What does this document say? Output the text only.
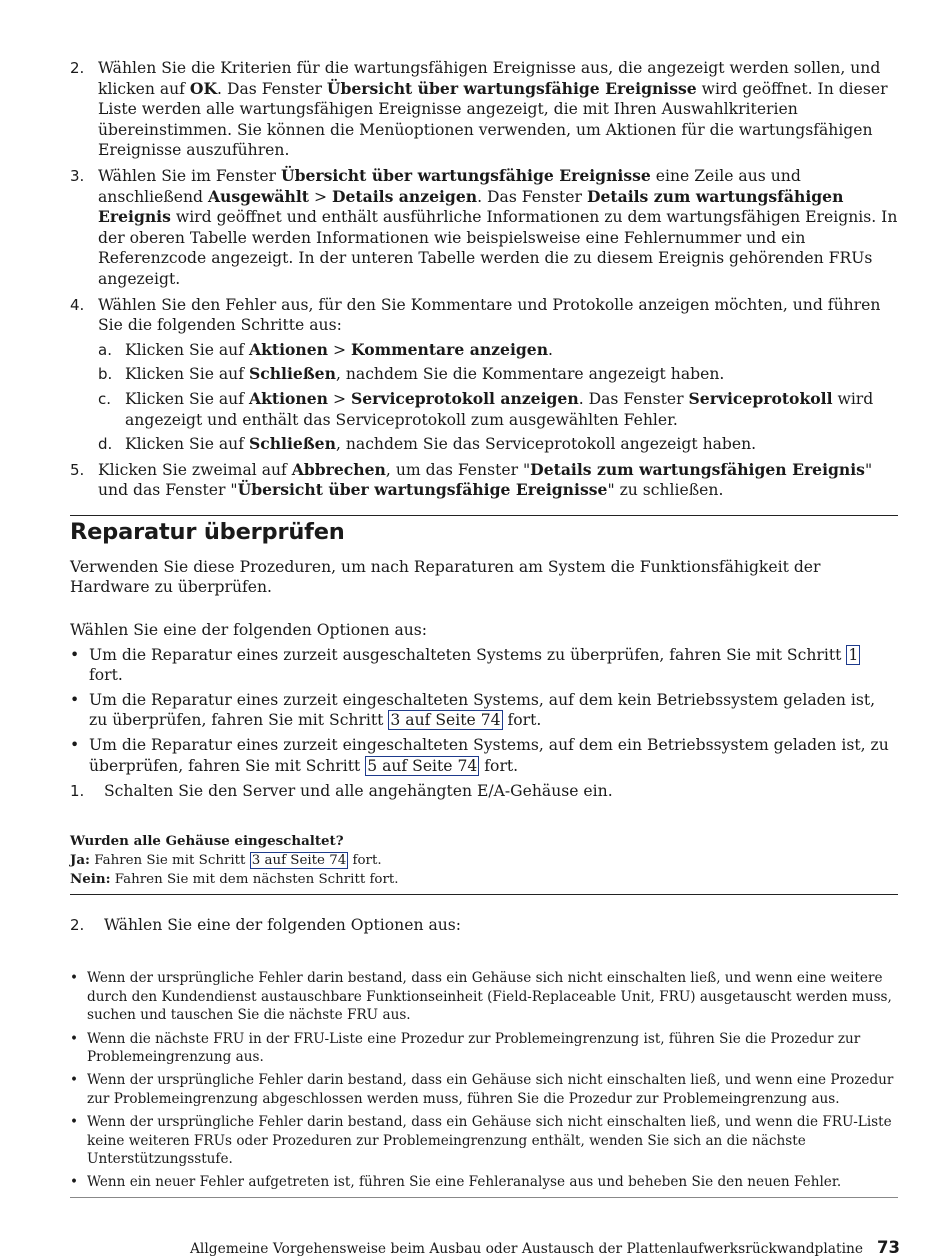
2. Wählen Sie die Kriterien für die wartungsfähigen Ereignisse aus, die angezeigt werden sollen, und klicken auf OK. Das Fenster Übersicht über wartungsfähige Ereignisse wird geöffnet. In dieser Liste werden alle wartungsfähigen Ereignisse angezeigt, die mit Ihren Auswahlkriterien übereinstimmen. Sie können die Menüoptionen verwenden, um Aktionen für die wartungsfähigen Ereignisse auszuführen.
3. Wählen Sie im Fenster Übersicht über wartungsfähige Ereignisse eine Zeile aus und anschließend Ausgewählt > Details anzeigen. Das Fenster Details zum wartungsfähigen Ereignis wird geöffnet und enthält ausführliche Informationen zu dem wartungsfähigen Ereignis. In der oberen Tabelle werden Informationen wie beispielsweise eine Fehlernummer und ein Referenzcode angezeigt. In der unteren Tabelle werden die zu diesem Ereignis gehörenden FRUs angezeigt.
4. Wählen Sie den Fehler aus, für den Sie Kommentare und Protokolle anzeigen möchten, und führen Sie die folgenden Schritte aus:
a. Klicken Sie auf Aktionen > Kommentare anzeigen.
b. Klicken Sie auf Schließen, nachdem Sie die Kommentare angezeigt haben.
c. Klicken Sie auf Aktionen > Serviceprotokoll anzeigen. Das Fenster Serviceprotokoll wird angezeigt und enthält das Serviceprotokoll zum ausgewählten Fehler.
d. Klicken Sie auf Schließen, nachdem Sie das Serviceprotokoll angezeigt haben.
5. Klicken Sie zweimal auf Abbrechen, um das Fenster "Details zum wartungsfähigen Ereignis" und das Fenster "Übersicht über wartungsfähige Ereignisse" zu schließen.
Reparatur überprüfen
Verwenden Sie diese Prozeduren, um nach Reparaturen am System die Funktionsfähigkeit der Hardware zu überprüfen.
Wählen Sie eine der folgenden Optionen aus:
• Um die Reparatur eines zurzeit ausgeschalteten Systems zu überprüfen, fahren Sie mit Schritt 1 fort.
• Um die Reparatur eines zurzeit eingeschalteten Systems, auf dem kein Betriebssystem geladen ist, zu überprüfen, fahren Sie mit Schritt 3 auf Seite 74 fort.
• Um die Reparatur eines zurzeit eingeschalteten Systems, auf dem ein Betriebssystem geladen ist, zu überprüfen, fahren Sie mit Schritt 5 auf Seite 74 fort.
1. Schalten Sie den Server und alle angehängten E/A-Gehäuse ein.
Wurden alle Gehäuse eingeschaltet?
Ja: Fahren Sie mit Schritt 3 auf Seite 74 fort.
Nein: Fahren Sie mit dem nächsten Schritt fort.
2. Wählen Sie eine der folgenden Optionen aus:
• Wenn der ursprüngliche Fehler darin bestand, dass ein Gehäuse sich nicht einschalten ließ, und wenn eine weitere durch den Kundendienst austauschbare Funktionseinheit (Field-Replaceable Unit, FRU) ausgetauscht werden muss, suchen und tauschen Sie die nächste FRU aus.
• Wenn die nächste FRU in der FRU-Liste eine Prozedur zur Problemeingrenzung ist, führen Sie die Prozedur zur Problemeingrenzung aus.
• Wenn der ursprüngliche Fehler darin bestand, dass ein Gehäuse sich nicht einschalten ließ, und wenn eine Prozedur zur Problemeingrenzung abgeschlossen werden muss, führen Sie die Prozedur zur Problemeingrenzung aus.
• Wenn der ursprüngliche Fehler darin bestand, dass ein Gehäuse sich nicht einschalten ließ, und wenn die FRU-Liste keine weiteren FRUs oder Prozeduren zur Problemeingrenzung enthält, wenden Sie sich an die nächste Unterstützungsstufe.
• Wenn ein neuer Fehler aufgetreten ist, führen Sie eine Fehleranalyse aus und beheben Sie den neuen Fehler.
Allgemeine Vorgehensweise beim Ausbau oder Austausch der Plattenlaufwerksrückwandplatine 73
